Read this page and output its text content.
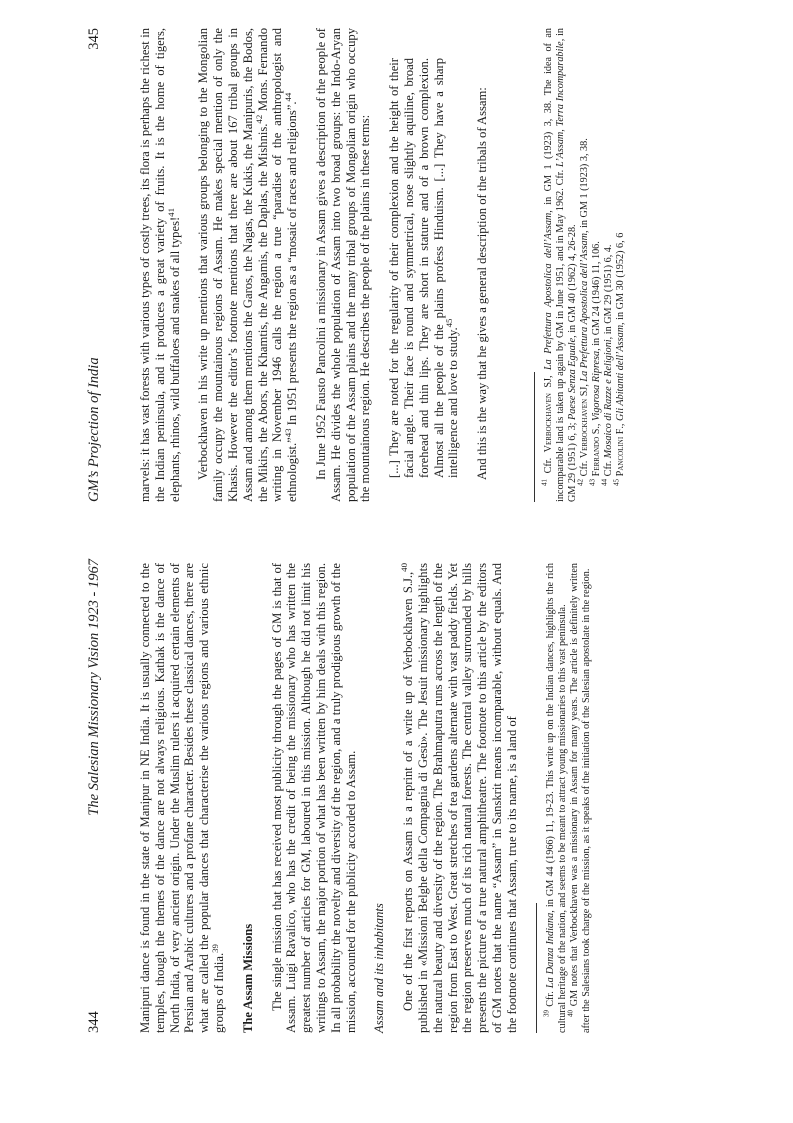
344
The Salesian Missionary Vision 1923 - 1967	Manipuri dance is found in the state of Manipur in NE India. It is usually connected to the temples, though the themes of the dance are not always religious. Kathak is the dance of North India, of very ancient origin. Under the Muslim rulers it acquired certain elements of Persian and Arabic cultures and a profane character. Besides these classical dances, there are what are called the popular dances that characterise the various regions and various ethnic groups of India.$^{39}$	The Assam Missions The single mission that has received most publicity through the pages of GM is that of Assam. Luigi Ravalico, who has the credit of being the missionary who has written the greatest number of articles for GM, laboured in this mission. Although he did not limit his writings to Assam, the major portion of what has been written by him deals with this region. In all probability the novelty and diversity of the region, and a truly prodigious growth of the mission, accounted for the publicity accorded to Assam. Assam and its inhabitants One of the first reports on Assam is a reprint of a write up of Verbockhaven S.J.,$^{40}$ published in «Missioni Belghe della Compagnia di Gesù». The Jesuit missionary highlights the natural beauty and diversity of the region. The Brahmaputra runs across the length of the region from East to West. Great stretches of tea gardens alternate with vast paddy fields. Yet the region preserves much of its rich natural forests. The central valley surrounded by hills presents the picture of a true natural amphitheatre. The footnote to this article by the editors of GM notes that the name “Assam” in Sanskrit means incomparable, without equals. And the footnote continues that Assam, true to its name, is a land of	$^{39}$ Cfr. La Danza Indiana, in GM 44 (1966) 11, 19-23. This write up on the Indian dances, highlights the rich cultural heritage of the nation, and seems to be meant to attract young missionaries to this vast peninsula.

$^{40}$ GM notes that Verbockhaven was a missionary in Assam for many years. The article is definitely written after the Salesians took charge of the mission, as it speaks of the initiation of the Salesian apostolate in the region.

GM’s Projection of India
345	marvels: it has vast forests with various types of costly trees, its flora is perhaps the richest in the Indian peninsula, and it produces a great variety of fruits. It is the home of tigers, elephants, rhinos, wild buffaloes and snakes of all types!$^{41}$	Verbockhaven in his write up mentions that various groups belonging to the Mongolian family occupy the mountainous regions of Assam. He makes special mention of only the Khasis. However the editor’s footnote mentions that there are about 167 tribal groups in Assam and among them mentions the Garos, the Nagas, the Kukis, the Manipuris, the Bodos, the Mikirs, the Abors, the Khamtis, the Angamis, the Daplas, the Mishnis.$^{42}$ Mons. Fernando writing in November 1946 calls the region a true “paradise of the anthropologist and ethnologist.”$^{43}$ In 1951 presents the region as a “mosaic of races and religions”.$^{44}$	In June 1952 Fausto Pancolini a missionary in Assam gives a description of the people of Assam. He divides the whole population of Assam into two broad groups: the Indo-Aryan population of the Assam plains and the many tribal groups of Mongolian origin who occupy the mountainous region. He describes the people of the plains in these terms: [...] They are noted for the regularity of their complexion and the height of their facial angle. Their face is round and symmetrical, nose slightly aquiline, broad forehead and thin lips. They are short in stature and of a brown complexion. Almost all the people of the plains profess Hinduism. [...] They have a sharp intelligence and love to study.$^{45}$	And this is the way that he gives a general description of the tribals of Assam:

$^{41}$ Cfr. Verbockhaven SJ, La Prefettura Apostolica dell’Assam, in GM 1 (1923) 3, 38. The idea of an incomparable land is taken up again by GM in June 1951, and in May 1962. Cfr. L’Assam, Terra Incomparabile, in GM 29 (1951) 6, 3; Paese Senza Eguale, in GM 40 (1962) 4, 26-28.

$^{42}$ Cfr. Verbockhaven SJ, La Prefettura Apostolica dell’Assam, in GM 1 (1923) 3, 38.

$^{43}$ Ferrando S., Vigorosa Ripresa, in GM 24 (1946) 11, 106.

$^{44}$ Cfr. Mosaico di Razze e Religioni, in GM 29 (1951) 6, 4.

$^{45}$ Pancolini F., Gli Abitanti dell’Assam, in GM 30 (1952) 6, 6
